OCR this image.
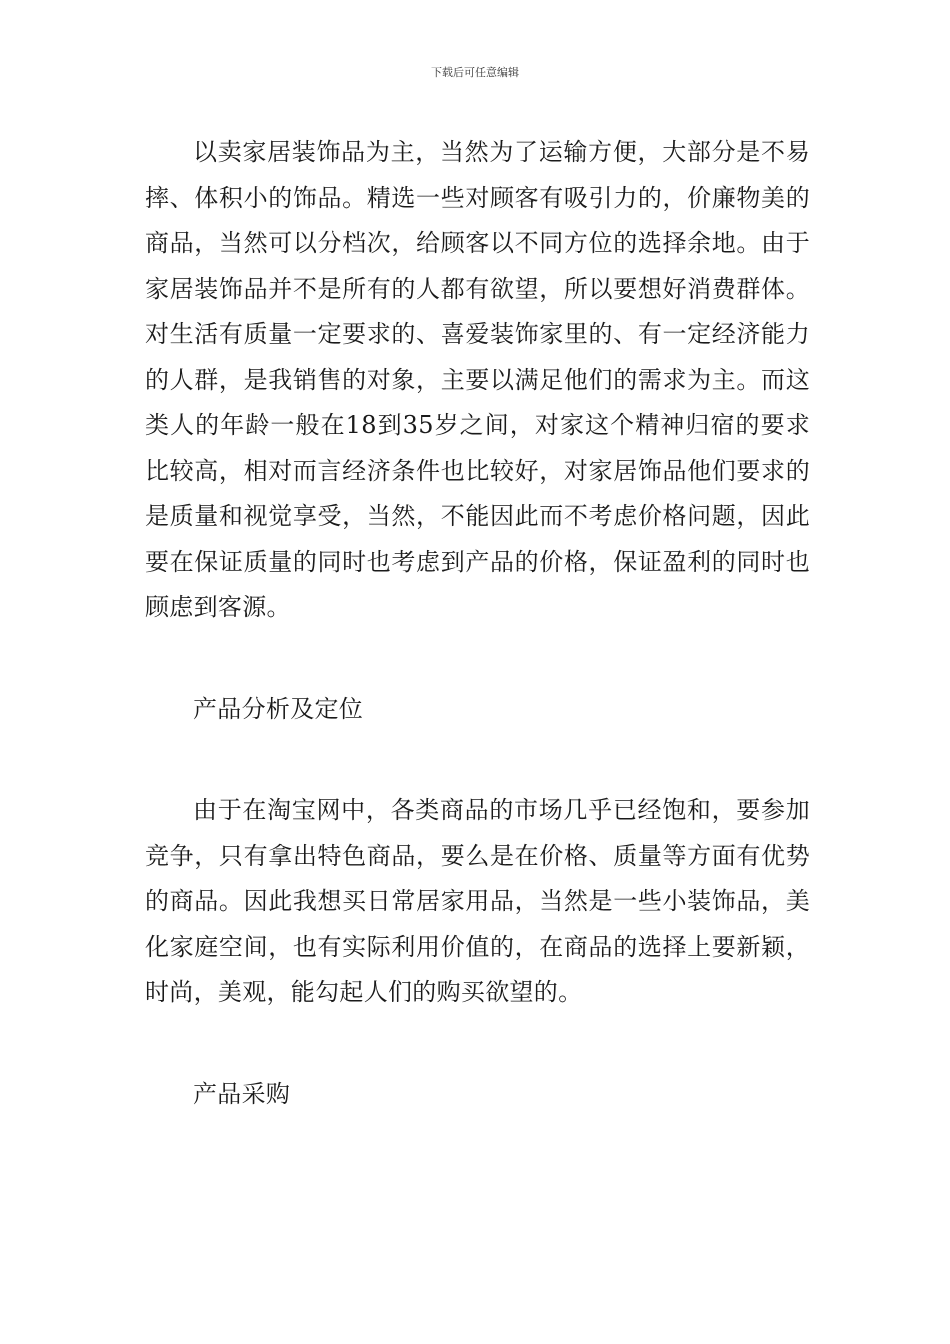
下载后可任意编辑

以卖家居装饰品为主，当然为了运输方便，大部分是不易摔、体积小的饰品。精选一些对顾客有吸引力的，价廉物美的商品，当然可以分档次，给顾客以不同方位的选择余地。由于家居装饰品并不是所有的人都有欲望，所以要想好消费群体。对生活有质量一定要求的、喜爱装饰家里的、有一定经济能力的人群，是我销售的对象，主要以满足他们的需求为主。而这类人的年龄一般在18到35岁之间，对家这个精神归宿的要求比较高，相对而言经济条件也比较好，对家居饰品他们要求的是质量和视觉享受，当然，不能因此而不考虑价格问题，因此要在保证质量的同时也考虑到产品的价格，保证盈利的同时也顾虑到客源。

产品分析及定位

由于在淘宝网中，各类商品的市场几乎已经饱和，要参加竞争，只有拿出特色商品，要么是在价格、质量等方面有优势的商品。因此我想买日常居家用品，当然是一些小装饰品，美化家庭空间，也有实际利用价值的，在商品的选择上要新颖，时尚，美观，能勾起人们的购买欲望的。

产品采购
